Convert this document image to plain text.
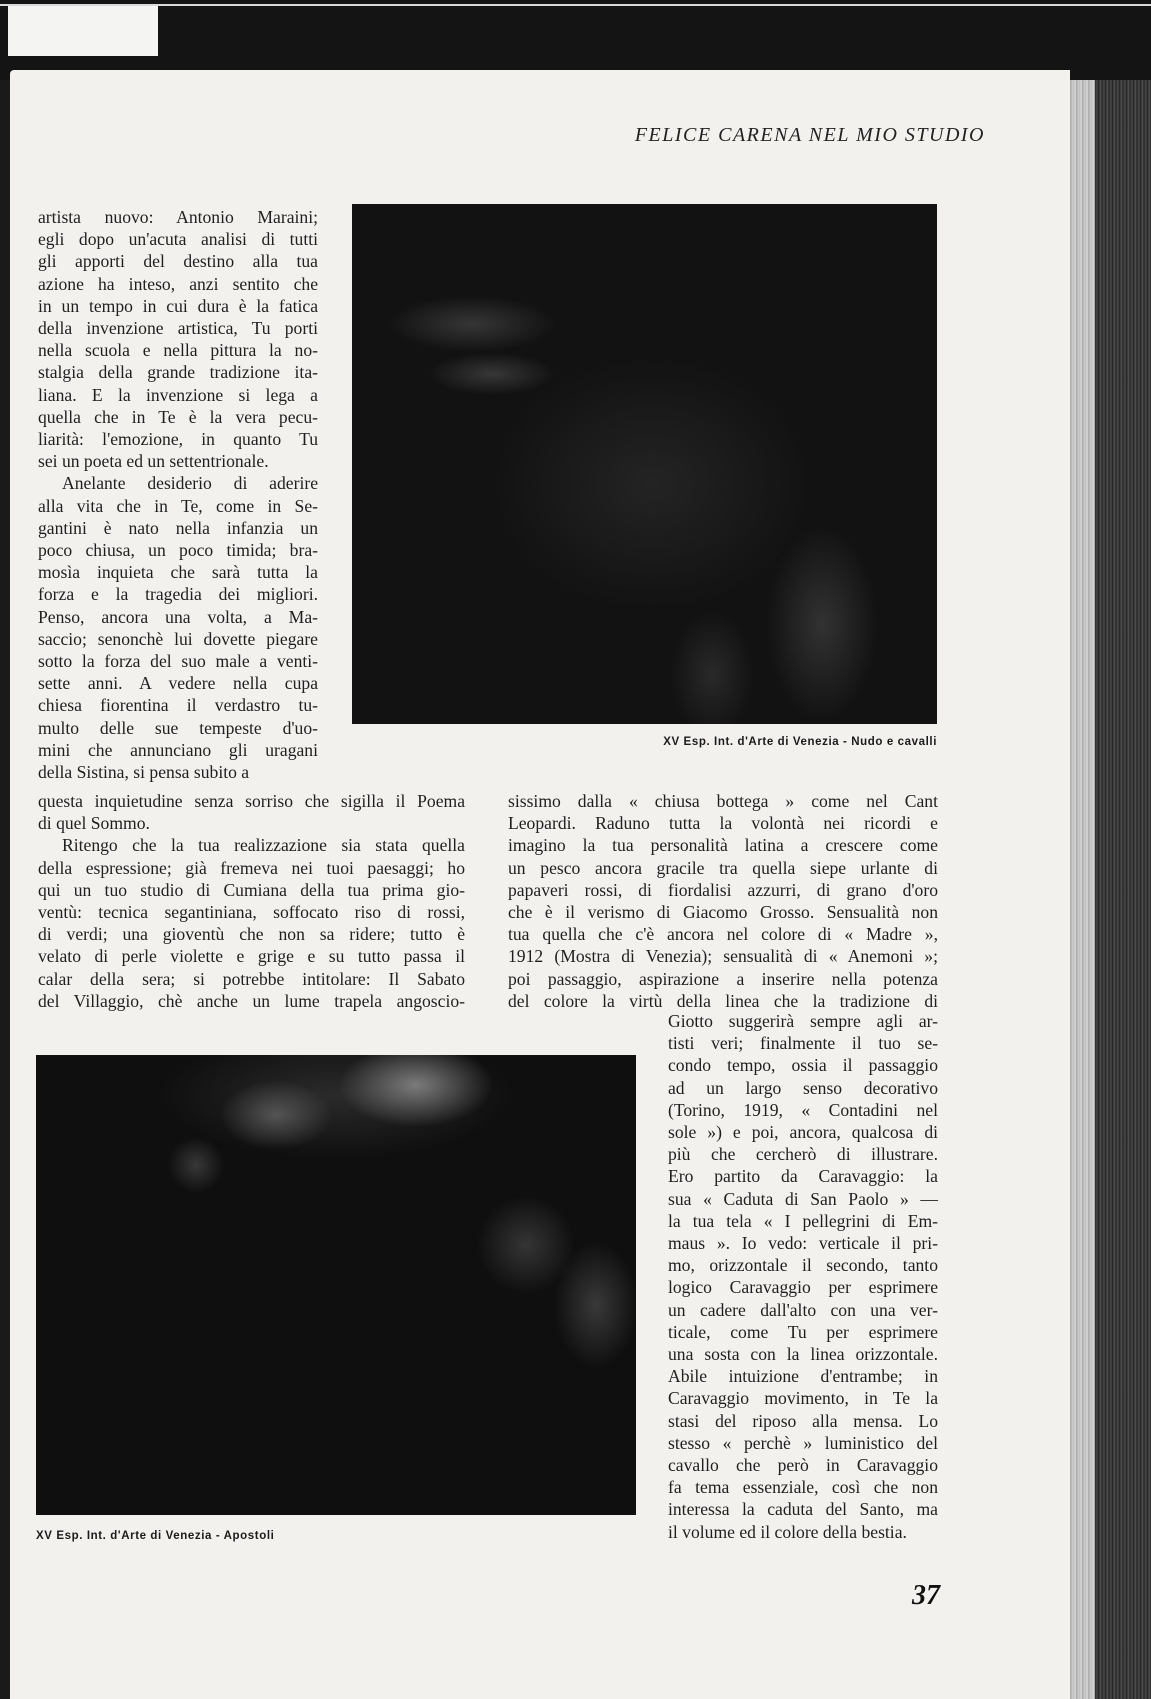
FELICE CARENA NEL MIO STUDIO
artista nuovo: Antonio Maraini;
egli dopo un'acuta analisi di tutti
gli apporti del destino alla tua
azione ha inteso, anzi sentito che
in un tempo in cui dura è la fatica
della invenzione artistica, Tu porti
nella scuola e nella pittura la no-
stalgia della grande tradizione ita-
liana. E la invenzione si lega a
quella che in Te è la vera pecu-
liarità: l'emozione, in quanto Tu
sei un poeta ed un settentrionale.
Anelante desiderio di aderire
alla vita che in Te, come in Se-
gantini è nato nella infanzia un
poco chiusa, un poco timida; bra-
mosìa inquieta che sarà tutta la
forza e la tragedia dei migliori.
Penso, ancora una volta, a Ma-
saccio; senonchè lui dovette piegare
sotto la forza del suo male a venti-
sette anni. A vedere nella cupa
chiesa fiorentina il verdastro tu-
multo delle sue tempeste d'uo-
mini che annunciano gli uragani
della Sistina, si pensa subito a
XV Esp. Int. d'Arte di Venezia - Nudo e cavalli
questa inquietudine senza sorriso che sigilla il Poema
di quel Sommo.
Ritengo che la tua realizzazione sia stata quella
della espressione; già fremeva nei tuoi paesaggi; ho
qui un tuo studio di Cumiana della tua prima gio-
ventù: tecnica segantiniana, soffocato riso di rossi,
di verdi; una gioventù che non sa ridere; tutto è
velato di perle violette e grige e su tutto passa il
calar della sera; si potrebbe intitolare: Il Sabato
del Villaggio, chè anche un lume trapela angoscio-
sissimo dalla « chiusa bottega » come nel Cant
Leopardi. Raduno tutta la volontà nei ricordi e
imagino la tua personalità latina a crescere come
un pesco ancora gracile tra quella siepe urlante di
papaveri rossi, di fiordalisi azzurri, di grano d'oro
che è il verismo di Giacomo Grosso. Sensualità non
tua quella che c'è ancora nel colore di « Madre »,
1912 (Mostra di Venezia); sensualità di « Anemoni »;
poi passaggio, aspirazione a inserire nella potenza
del colore la virtù della linea che la tradizione di
Giotto suggerirà sempre agli ar-
tisti veri; finalmente il tuo se-
condo tempo, ossia il passaggio
ad un largo senso decorativo
(Torino, 1919, « Contadini nel
sole ») e poi, ancora, qualcosa di
più che cercherò di illustrare.
Ero partito da Caravaggio: la
sua « Caduta di San Paolo » —
la tua tela « I pellegrini di Em-
maus ». Io vedo: verticale il pri-
mo, orizzontale il secondo, tanto
logico Caravaggio per esprimere
un cadere dall'alto con una ver-
ticale, come Tu per esprimere
una sosta con la linea orizzontale.
Abile intuizione d'entrambe; in
Caravaggio movimento, in Te la
stasi del riposo alla mensa. Lo
stesso « perchè » luministico del
cavallo che però in Caravaggio
fa tema essenziale, così che non
interessa la caduta del Santo, ma
il volume ed il colore della bestia.
XV Esp. Int. d'Arte di Venezia - Apostoli
37
